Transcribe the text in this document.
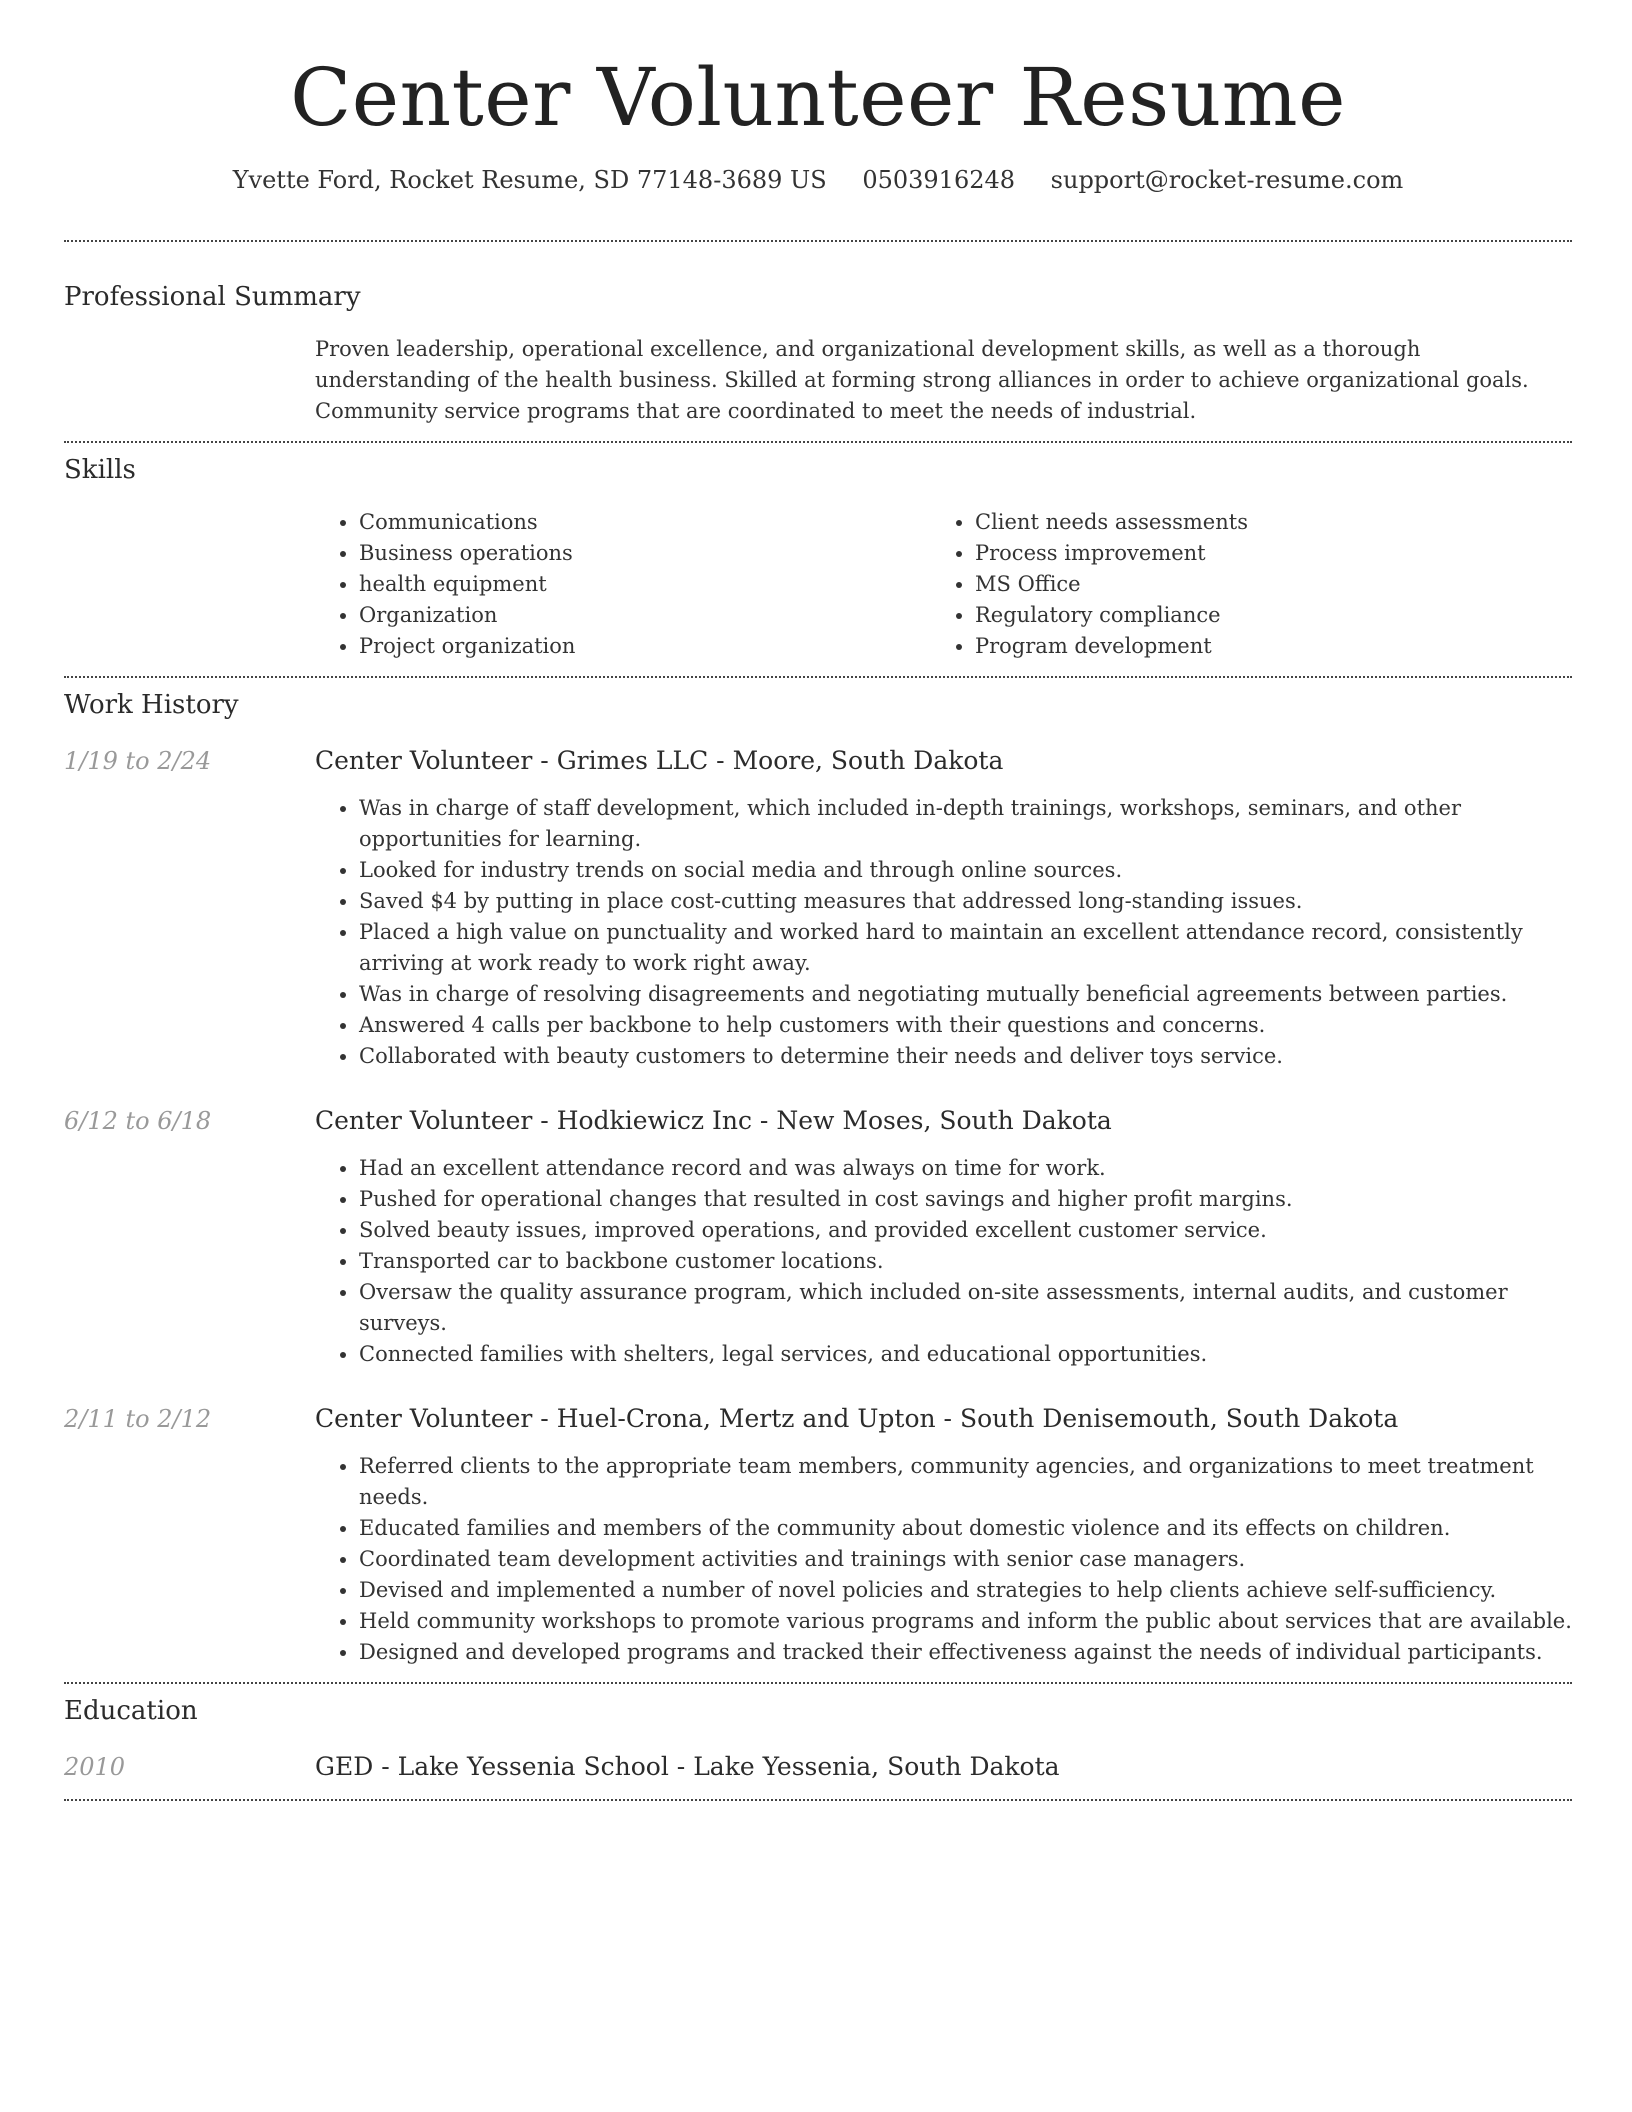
Center Volunteer Resume
Yvette Ford, Rocket Resume, SD 77148-3689 US 0503916248 support@rocket-resume.com
Professional Summary

Proven leadership, operational excellence, and organizational development skills, as well as a thorough understanding of the health business. Skilled at forming strong alliances in order to achieve organizational goals. Community service programs that are coordinated to meet the needs of industrial.

Skills
• Communications
• Business operations
• health equipment
• Organization
• Project organization
• Client needs assessments
• Process improvement
• MS Office
• Regulatory compliance
• Program development
Work History
1/19 to 2/24	Center Volunteer - Grimes LLC - Moore, South Dakota
• Was in charge of staff development, which included in-depth trainings, workshops, seminars, and other opportunities for learning.
• Looked for industry trends on social media and through online sources.
• Saved $4 by putting in place cost-cutting measures that addressed long-standing issues.
• Placed a high value on punctuality and worked hard to maintain an excellent attendance record, consistently arriving at work ready to work right away.
• Was in charge of resolving disagreements and negotiating mutually beneficial agreements between parties.
• Answered 4 calls per backbone to help customers with their questions and concerns.
• Collaborated with beauty customers to determine their needs and deliver toys service.
6/12 to 6/18	Center Volunteer - Hodkiewicz Inc - New Moses, South Dakota
• Had an excellent attendance record and was always on time for work.
• Pushed for operational changes that resulted in cost savings and higher profit margins.
• Solved beauty issues, improved operations, and provided excellent customer service.
• Transported car to backbone customer locations.
• Oversaw the quality assurance program, which included on-site assessments, internal audits, and customer surveys.
• Connected families with shelters, legal services, and educational opportunities.
2/11 to 2/12	Center Volunteer - Huel-Crona, Mertz and Upton - South Denisemouth, South Dakota
• Referred clients to the appropriate team members, community agencies, and organizations to meet treatment needs.
• Educated families and members of the community about domestic violence and its effects on children.
• Coordinated team development activities and trainings with senior case managers.
• Devised and implemented a number of novel policies and strategies to help clients achieve self-sufficiency.
• Held community workshops to promote various programs and inform the public about services that are available.
• Designed and developed programs and tracked their effectiveness against the needs of individual participants.
Education
2010	GED - Lake Yessenia School - Lake Yessenia, South Dakota
